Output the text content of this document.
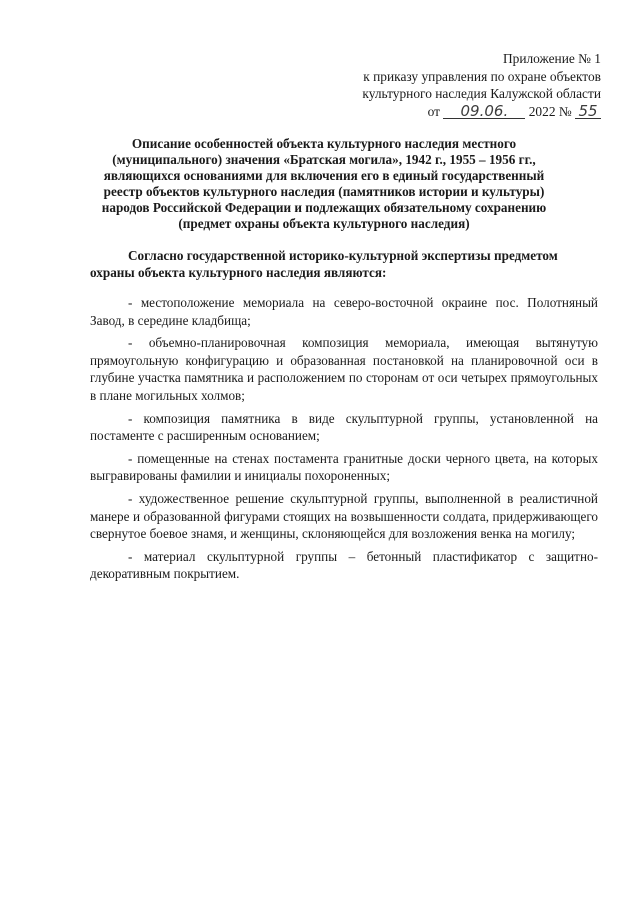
Приложение № 1
к приказу управления по охране объектов
культурного наследия Калужской области
от 09.06. 2022 № 55
Описание особенностей объекта культурного наследия местного
(муниципального) значения «Братская могила», 1942 г., 1955 – 1956 гг.,
являющихся основаниями для включения его в единый государственный
реестр объектов культурного наследия (памятников истории и культуры)
народов Российской Федерации и подлежащих обязательному сохранению
(предмет охраны объекта культурного наследия)
Согласно государственной историко-культурной экспертизы предметом
охраны объекта культурного наследия являются:

- местоположение мемориала на северо-восточной окраине пос. Полотняный Завод, в середине кладбища;

- объемно-планировочная композиция мемориала, имеющая вытянутую прямоугольную конфигурацию и образованная постановкой на планировочной оси в глубине участка памятника и расположением по сторонам от оси четырех прямоугольных в плане могильных холмов;

- композиция памятника в виде скульптурной группы, установленной на постаменте с расширенным основанием;

- помещенные на стенах постамента гранитные доски черного цвета, на которых выгравированы фамилии и инициалы похороненных;

- художественное решение скульптурной группы, выполненной в реалистичной манере и образованной фигурами стоящих на возвышенности солдата, придерживающего свернутое боевое знамя, и женщины, склоняющейся для возложения венка на могилу;

- материал скульптурной группы – бетонный пластификатор с защитно-декоративным покрытием.
